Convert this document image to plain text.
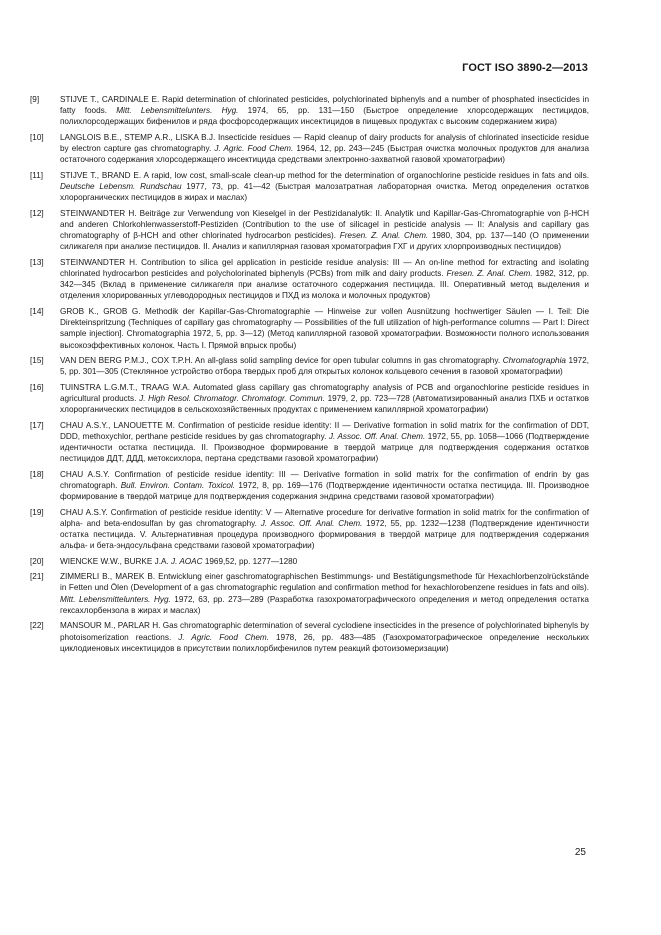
ГОСТ ISO 3890-2—2013
[9]	STIJVE T., CARDINALE E. Rapid determination of chlorinated pesticides, polychlorinated biphenyls and a number of phosphated insecticides in fatty foods. Mitt. Lebensmittelunters. Hyg. 1974, 65, pp. 131—150 (Быстрое определение хлорсодержащих пестицидов, полихлорсодержащих бифенилов и ряда фосфорсодержащих инсектицидов в пищевых продуктах с высоким содержанием жира)
[10]	LANGLOIS B.E., STEMP A.R., LISKA B.J. Insecticide residues — Rapid cleanup of dairy products for analysis of chlorinated insecticide residue by electron capture gas chromatography. J. Agric. Food Chem. 1964, 12, pp. 243—245 (Быстрая очистка молочных продуктов для анализа остаточного содержания хлорсодержащего инсектицида средствами электронно-захватной газовой хроматографии)
[11]	STIJVE T., BRAND E. A rapid, low cost, small-scale clean-up method for the determination of organochlorine pesticide residues in fats and oils. Deutsche Lebensm. Rundschau 1977, 73, pp. 41—42 (Быстрая малозатратная лабораторная очистка. Метод определения остатков хлорорганических пестицидов в жирах и маслах)
[12]	STEINWANDTER H. Beiträge zur Verwendung von Kieselgel in der Pestizidanalytik: II. Analytik und Kapillar-Gas-Chromatographie von β-HCH and anderen Chlorkohlenwasserstoff-Pestiziden (Contribution to the use of silicagel in pesticide analysis — II: Analysis and capillary gas chromatography of β-HCH and other chlorinated hydrocarbon pesticides). Fresen. Z. Anal. Chem. 1980, 304, pp. 137—140 (О применении силикагеля при анализе пестицидов. II. Анализ и капиллярная газовая хроматография ГХГ и других хлорпроизводных пестицидов)
[13]	STEINWANDTER H. Contribution to silica gel application in pesticide residue analysis: III — An on-line method for extracting and isolating chlorinated hydrocarbon pesticides and polycholorinated biphenyls (PCBs) from milk and dairy products. Fresen. Z. Anal. Chem. 1982, 312, pp. 342—345 (Вклад в применение силикагеля при анализе остаточного содержания пестицида. III. Оперативный метод выделения и отделения хлорированных углеводородных пестицидов и ПХД из молока и молочных продуктов)
[14]	GROB K., GROB G. Methodik der Kapillar-Gas-Chromatographie — Hinweise zur vollen Ausnützung hochwertiger Säulen — I. Teil: Die Direkteinspritzung (Techniques of capillary gas chromatography — Possibilities of the full utilization of high-performance columns — Part I: Direct sample injection]. Chromatographia 1972, 5, pp. 3—12) (Метод капиллярной газовой хроматографии. Возможности полного использования высокоэффективных колонок. Часть I. Прямой впрыск пробы)
[15]	VAN DEN BERG P.M.J., COX T.P.H. An all-glass solid sampling device for open tubular columns in gas chromatography. Chromatographia 1972, 5, pp. 301—305 (Стеклянное устройство отбора твердых проб для открытых колонок кольцевого сечения в газовой хроматографии)
[16]	TUINSTRA L.G.M.T., TRAAG W.A. Automated glass capillary gas chromatography analysis of PCB and organochlorine pesticide residues in agricultural products. J. High Resol. Chromatogr. Chromatogr. Commun. 1979, 2, pp. 723—728 (Автоматизированный анализ ПХБ и остатков хлорорганических пестицидов в сельскохозяйственных продуктах с применением капиллярной хроматографии)
[17]	CHAU A.S.Y., LANOUETTE M. Confirmation of pesticide residue identity: II — Derivative formation in solid matrix for the confirmation of DDT, DDD, methoxychlor, perthane pesticide residues by gas chromatography. J. Assoc. Off. Anal. Chem. 1972, 55, pp. 1058—1066 (Подтверждение идентичности остатка пестицида. II. Производное формирование в твердой матрице для подтверждения содержания остатков пестицидов ДДТ, ДДД, метоксихлора, пертана средствами газовой хроматографии)
[18]	CHAU A.S.Y. Confirmation of pesticide residue identity: III — Derivative formation in solid matrix for the confirmation of endrin by gas chromatograph. Bull. Environ. Contam. Toxicol. 1972, 8, pp. 169—176 (Подтверждение идентичности остатка пестицида. III. Производное формирование в твердой матрице для подтверждения содержания эндрина средствами газовой хроматографии)
[19]	CHAU A.S.Y. Confirmation of pesticide residue identity: V — Alternative procedure for derivative formation in solid matrix for the confirmation of alpha- and beta-endosulfan by gas chromatography. J. Assoc. Off. Anal. Chem. 1972, 55, pp. 1232—1238 (Подтверждение идентичности остатка пестицида. V. Альтернативная процедура производного формирования в твердой матрице для подтверждения содержания альфа- и бета-эндосульфана средствами газовой хроматографии)
[20]	WIENCKE W.W., BURKE J.A. J. AOAC 1969,52, pp. 1277—1280
[21]	ZIMMERLI B., MAREK B. Entwicklung einer gaschromatographischen Bestimmungs- und Bestätigungsmethode für Hexachlorbenzolrückstände in Fetten und Ölen (Development of a gas chromatographic regulation and confirmation method for hexachlorobenzene residues in fats and oils). Mitt. Lebensmittelunters. Hyg. 1972, 63, pp. 273—289 (Разработка газохроматографического определения и метод определения остатка гексахлорбензола в жирах и маслах)
[22]	MANSOUR M., PARLAR H. Gas chromatographic determination of several cyclodiene insecticides in the presence of polychlorinated biphenyls by photoisomerization reactions. J. Agric. Food Chem. 1978, 26, pp. 483—485 (Газохроматографическое определение нескольких циклодиеновых инсектицидов в присутствии полихлорбифенилов путем реакций фотоизомеризации)
25
